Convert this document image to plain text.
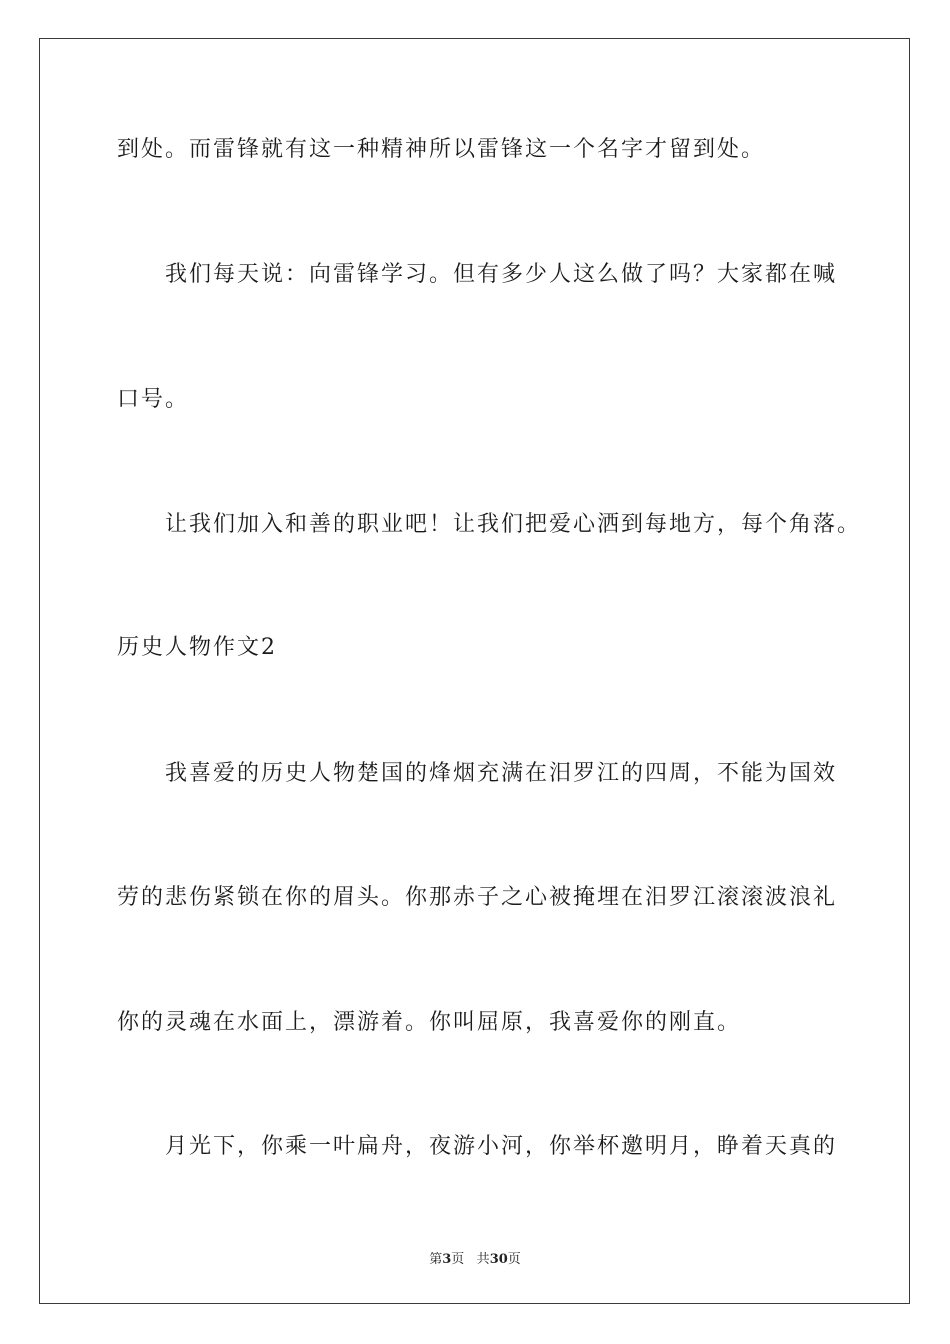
到处。而雷锋就有这一种精神所以雷锋这一个名字才留到处。
我们每天说：向雷锋学习。但有多少人这么做了吗？大家都在喊
口号。
让我们加入和善的职业吧！让我们把爱心洒到每地方，每个角落。
历史人物作文2
我喜爱的历史人物楚国的烽烟充满在汨罗江的四周，不能为国效
劳的悲伤紧锁在你的眉头。你那赤子之心被掩埋在汨罗江滚滚波浪礼
你的灵魂在水面上，漂游着。你叫屈原，我喜爱你的刚直。
月光下，你乘一叶扁舟，夜游小河，你举杯邀明月，睁着天真的
第3页 共30页
